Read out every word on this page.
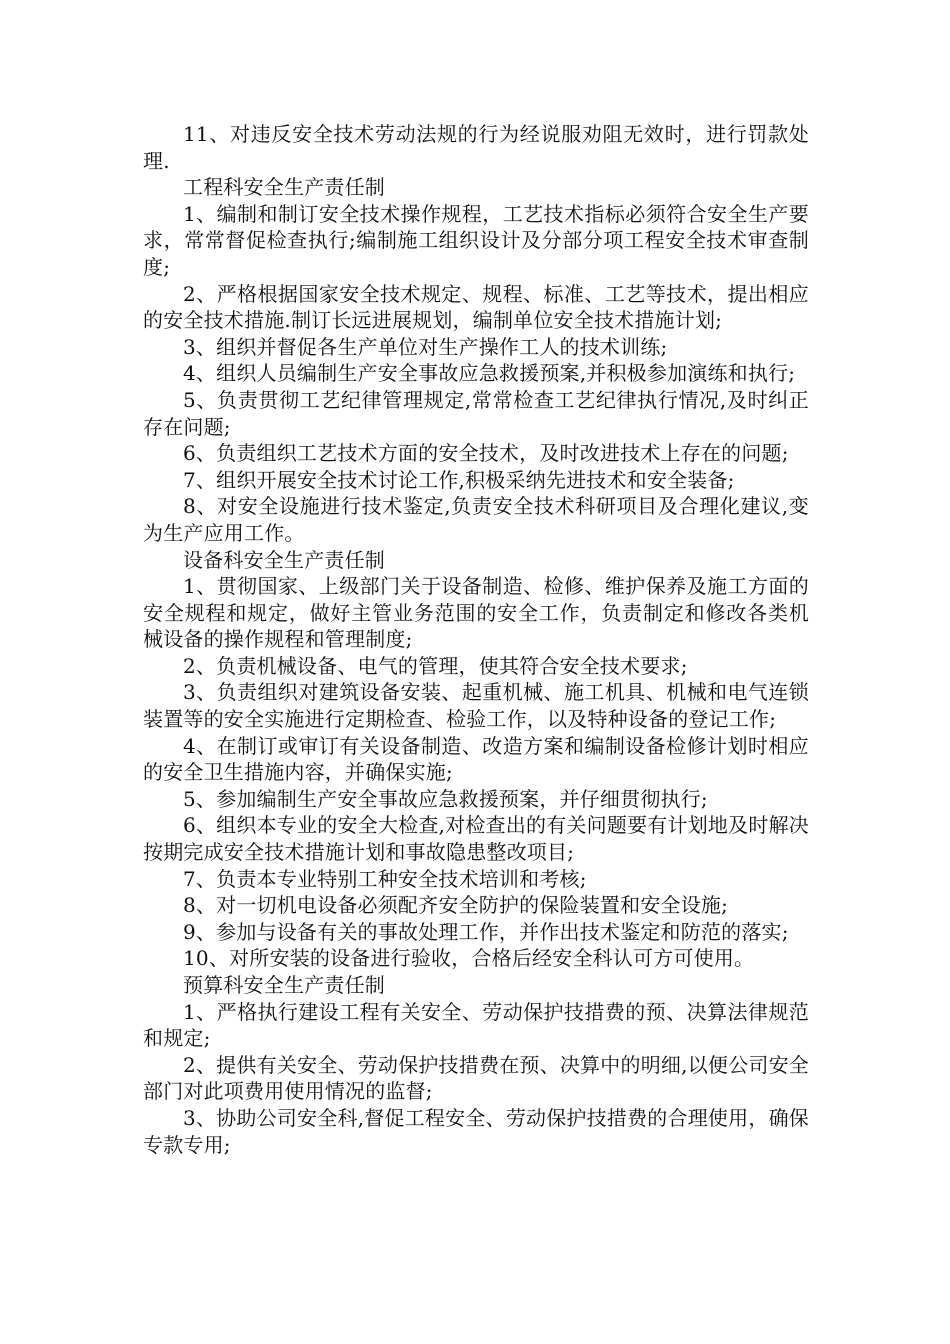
11、对违反安全技术劳动法规的行为经说服劝阻无效时，进行罚款处理.

工程科安全生产责任制

1、编制和制订安全技术操作规程，工艺技术指标必须符合安全生产要求，常常督促检查执行;编制施工组织设计及分部分项工程安全技术审查制度;

2、严格根据国家安全技术规定、规程、标准、工艺等技术，提出相应的安全技术措施.制订长远进展规划，编制单位安全技术措施计划;

3、组织并督促各生产单位对生产操作工人的技术训练;

4、组织人员编制生产安全事故应急救援预案,并积极参加演练和执行;

5、负责贯彻工艺纪律管理规定,常常检查工艺纪律执行情况,及时纠正存在问题;

6、负责组织工艺技术方面的安全技术，及时改进技术上存在的问题;

7、组织开展安全技术讨论工作,积极采纳先进技术和安全装备;

8、对安全设施进行技术鉴定,负责安全技术科研项目及合理化建议,变为生产应用工作。

设备科安全生产责任制

1、贯彻国家、上级部门关于设备制造、检修、维护保养及施工方面的安全规程和规定，做好主管业务范围的安全工作，负责制定和修改各类机械设备的操作规程和管理制度;

2、负责机械设备、电气的管理，使其符合安全技术要求;

3、负责组织对建筑设备安装、起重机械、施工机具、机械和电气连锁装置等的安全实施进行定期检查、检验工作，以及特种设备的登记工作;

4、在制订或审订有关设备制造、改造方案和编制设备检修计划时相应的安全卫生措施内容，并确保实施;

5、参加编制生产安全事故应急救援预案，并仔细贯彻执行;

6、组织本专业的安全大检查,对检查出的有关问题要有计划地及时解决按期完成安全技术措施计划和事故隐患整改项目;

7、负责本专业特别工种安全技术培训和考核;

8、对一切机电设备必须配齐安全防护的保险装置和安全设施;

9、参加与设备有关的事故处理工作，并作出技术鉴定和防范的落实;

10、对所安装的设备进行验收，合格后经安全科认可方可使用。

预算科安全生产责任制

1、严格执行建设工程有关安全、劳动保护技措费的预、决算法律规范和规定;

2、提供有关安全、劳动保护技措费在预、决算中的明细,以便公司安全部门对此项费用使用情况的监督;

3、协助公司安全科,督促工程安全、劳动保护技措费的合理使用，确保专款专用;
